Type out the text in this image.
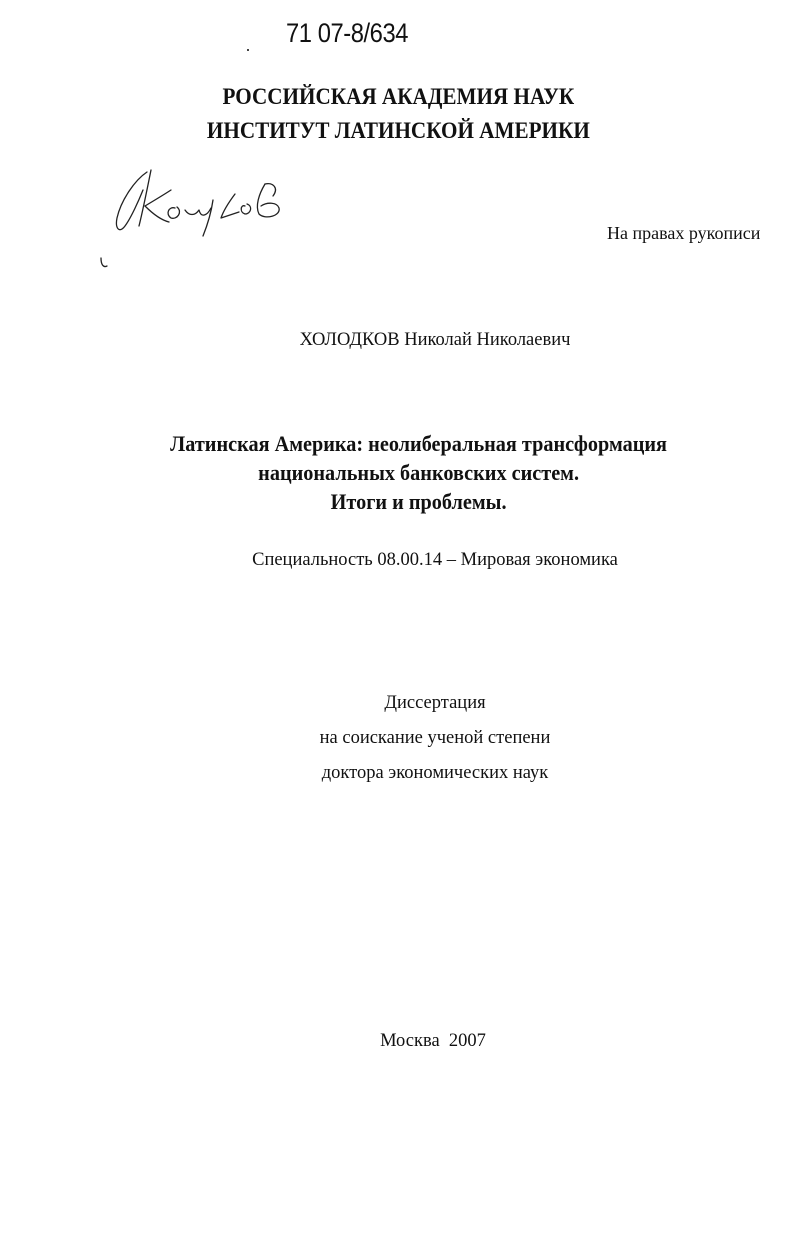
71 07-8/634
РОССИЙСКАЯ АКАДЕМИЯ НАУК
ИНСТИТУТ ЛАТИНСКОЙ АМЕРИКИ
На правах рукописи
ХОЛОДКОВ Николай Николаевич
Латинская Америка: неолиберальная трансформация
национальных банковских систем.
Итоги и проблемы.
Специальность 08.00.14 – Мировая экономика
Диссертация
на соискание ученой степени
доктора экономических наук
Москва  2007
